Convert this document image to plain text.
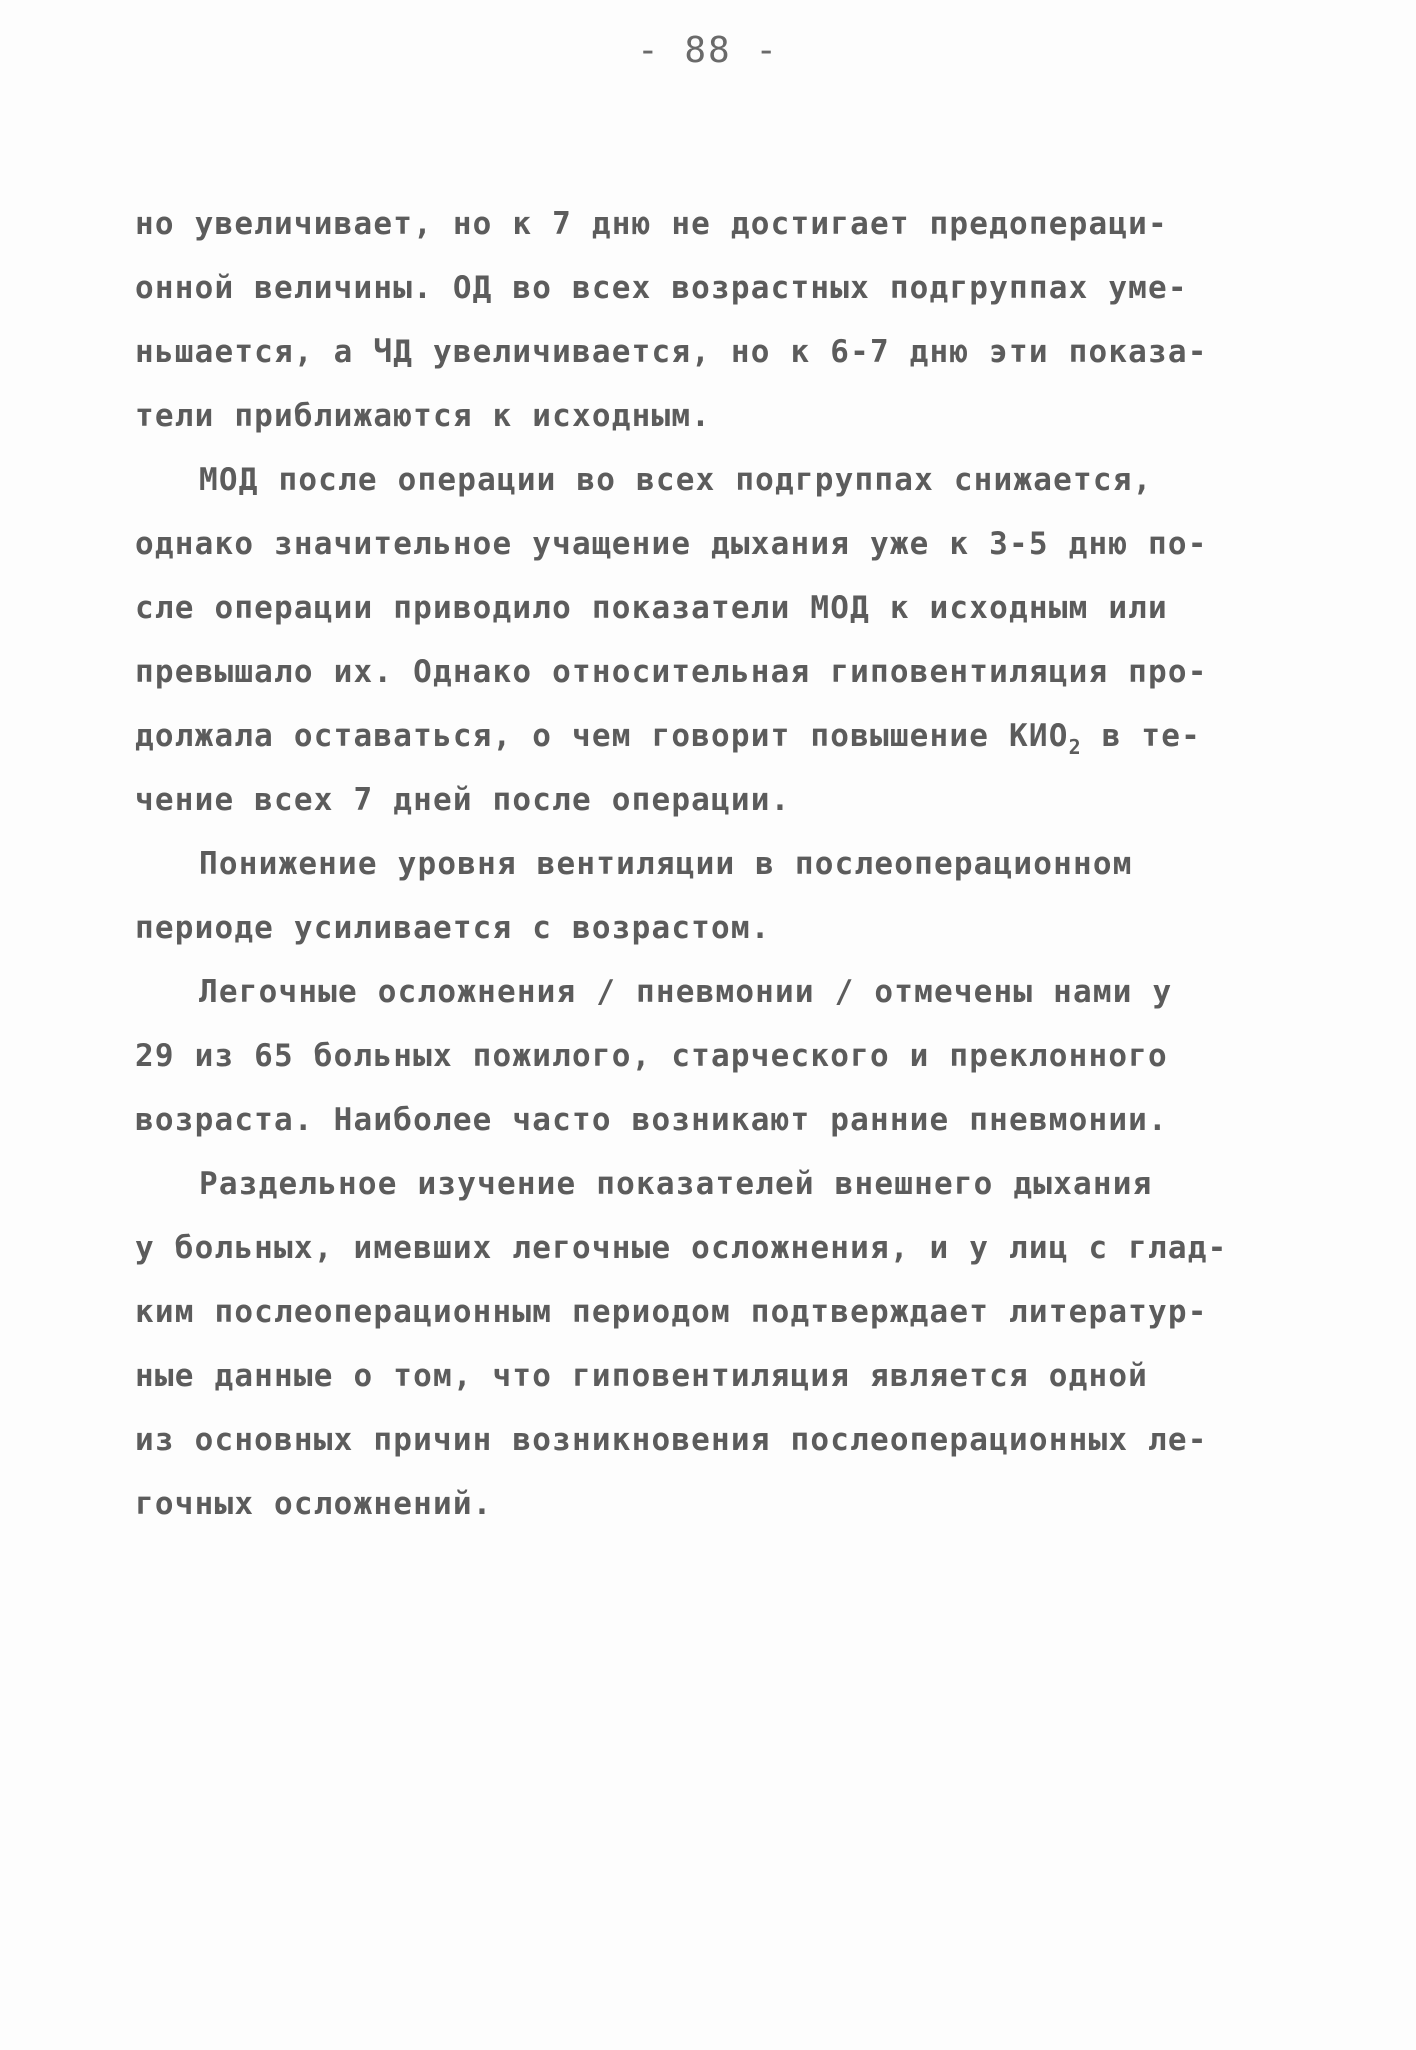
- 88 -
но увеличивает, но к 7 дню не достигает предопераци-
онной величины. ОД во всех возрастных подгруппах уме-
ньшается, а ЧД увеличивается, но к 6-7 дню эти показа-
тели приближаются к исходным.
МОД после операции во всех подгруппах снижается,
однако значительное учащение дыхания уже к 3-5 дню по-
сле операции приводило показатели МОД к исходным или
превышало их. Однако относительная гиповентиляция про-
должала оставаться, о чем говорит повышение $КИО_2$ в те-
чение всех 7 дней после операции.
Понижение уровня вентиляции в послеоперационном
периоде усиливается с возрастом.
Легочные осложнения / пневмонии / отмечены нами у
29 из 65 больных пожилого, старческого и преклонного
возраста. Наиболее часто возникают ранние пневмонии.
Раздельное изучение показателей внешнего дыхания
у больных, имевших легочные осложнения, и у лиц с глад-
ким послеоперационным периодом подтверждает литератур-
ные данные о том, что гиповентиляция является одной
из основных причин возникновения послеоперационных ле-
гочных осложнений.
